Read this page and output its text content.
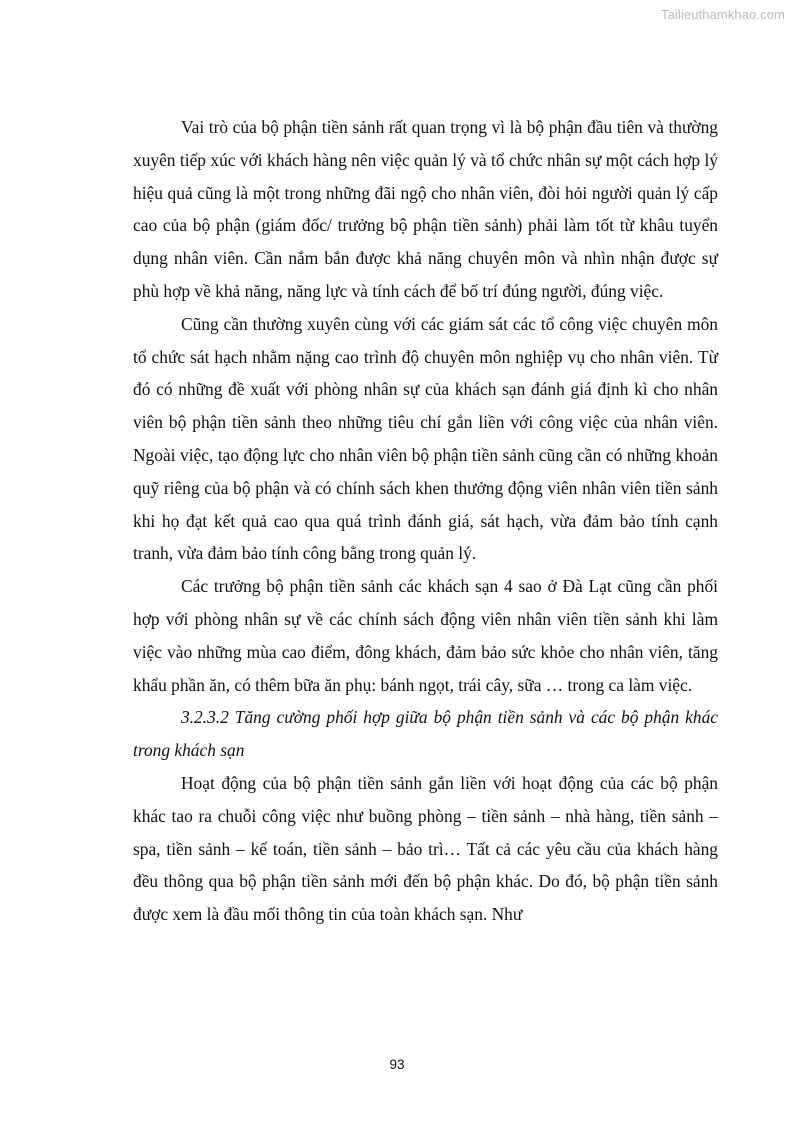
Tailieuthamkhao.com

Vai trò của bộ phận tiền sảnh rất quan trọng vì là bộ phận đầu tiên và thường xuyên tiếp xúc với khách hàng nên việc quản lý và tổ chức nhân sự một cách hợp lý hiệu quả cũng là một trong những đãi ngộ cho nhân viên, đòi hỏi người quản lý cấp cao của bộ phận (giám đốc/ trưởng bộ phận tiền sảnh) phải làm tốt từ khâu tuyển dụng nhân viên. Cần nắm bắn được khả năng chuyên môn và nhìn nhận được sự phù hợp về khả năng, năng lực và tính cách để bố trí đúng người, đúng việc.

Cũng cần thường xuyên cùng với các giám sát các tổ công việc chuyên môn tổ chức sát hạch nhằm nặng cao trình độ chuyên môn nghiệp vụ cho nhân viên. Từ đó có những đề xuất với phòng nhân sự của khách sạn đánh giá định kì cho nhân viên bộ phận tiền sảnh theo những tiêu chí gắn liền với công việc của nhân viên. Ngoài việc, tạo động lực cho nhân viên bộ phận tiền sảnh cũng cần có những khoản quỹ riêng của bộ phận và có chính sách khen thưởng động viên nhân viên tiền sảnh khi họ đạt kết quả cao qua quá trình đánh giá, sát hạch, vừa đảm bảo tính cạnh tranh, vừa đảm bảo tính công bằng trong quản lý.

Các trưởng bộ phận tiền sảnh các khách sạn 4 sao ở Đà Lạt cũng cần phối hợp với phòng nhân sự về các chính sách động viên nhân viên tiền sảnh khi làm việc vào những mùa cao điểm, đông khách, đảm bảo sức khỏe cho nhân viên, tăng khẩu phần ăn, có thêm bữa ăn phụ: bánh ngọt, trái cây, sữa … trong ca làm việc.

3.2.3.2 Tăng cường phối hợp giữa bộ phận tiền sảnh và các bộ phận khác trong khách sạn

Hoạt động của bộ phận tiền sảnh gắn liền với hoạt động của các bộ phận khác tao ra chuỗi công việc như buồng phòng – tiền sảnh – nhà hàng, tiền sảnh – spa, tiền sảnh – kế toán, tiền sảnh – bảo trì… Tất cả các yêu cầu của khách hàng đều thông qua bộ phận tiền sảnh mới đến bộ phận khác. Do đó, bộ phận tiền sảnh được xem là đầu mối thông tin của toàn khách sạn. Như

93
